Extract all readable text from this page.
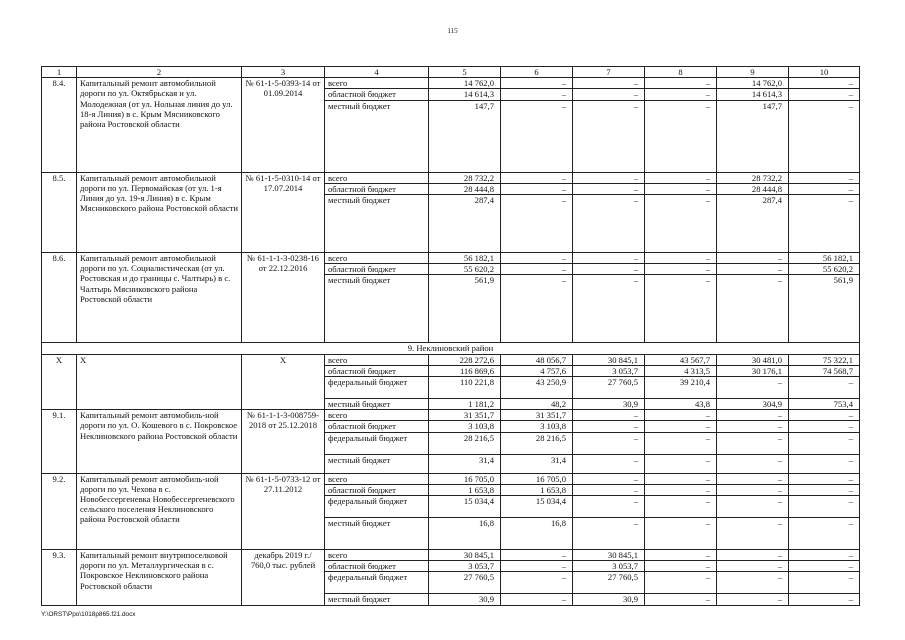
115
1	2	3	4	5	6	7	8	9	10
8.4.	Капитальный ремонт автомобильной дороги по ул. Октябрьская и ул. Молодежная (от ул. Нольная линия до ул. 18-я Линия) в с. Крым Мясниковского района Ростовской области	№ 61-1-5-0393-14 от 01.09.2014	всего	14 762,0	–	–	–	14 762,0	–
			областной бюджет	14 614,3	–	–	–	14 614,3	–
			местный бюджет	147,7	–	–	–	147,7	–
8.5.	Капитальный ремонт автомобильной дороги по ул. Первомайская (от ул. 1-я Линия до ул. 19-я Линия) в с. Крым Мясниковского района Ростовской области	№ 61-1-5-0310-14 от 17.07.2014	всего	28 732,2	–	–	–	28 732,2	–
			областной бюджет	28 444,8	–	–	–	28 444,8	–
			местный бюджет	287,4	–	–	–	287,4	–
8.6.	Капитальный ремонт автомобильной дороги по ул. Социалистическая (от ул. Ростовская и до границы с. Чалтырь) в с. Чалтырь Мясниковского района Ростовской области	№ 61-1-1-3-0238-16 от 22.12.2016	всего	56 182,1	–	–	–	–	56 182,1
			областной бюджет	55 620,2	–	–	–	–	55 620,2
			местный бюджет	561,9	–	–	–	–	561,9
9. Неклиновский район									
X	X	X	всего	228 272,6	48 056,7	30 845,1	43 567,7	30 481,0	75 322,1
			областной бюджет	116 869,6	4 757,6	3 053,7	4 313,5	30 176,1	74 568,7
			федеральный бюджет	110 221,8	43 250,9	27 760,5	39 210,4	–	–
			местный бюджет	1 181,2	48,2	30,9	43,8	304,9	753,4
9.1.	Капитальный ремонт автомобиль-ной дороги по ул. О. Кошевого в с. Покровское Неклиновского района Ростовской области	№ 61-1-1-3-008759-2018 от 25.12.2018	всего	31 351,7	31 351,7	–	–	–	–
			областной бюджет	3 103,8	3 103,8	–	–	–	–
			федеральный бюджет	28 216,5	28 216,5	–	–	–	–
			местный бюджет	31,4	31,4	–	–	–	–
9.2.	Капитальный ремонт автомобиль-ной дороги по ул. Чехова в с. Новобессергеневка Новобессергеневского сельского поселения Неклиновского района Ростовской области	№ 61-1-5-0733-12 от 27.11.2012	всего	16 705,0	16 705,0	–	–	–	–
			областной бюджет	1 653,8	1 653,8	–	–	–	–
			федеральный бюджет	15 034,4	15 034,4	–	–	–	–
			местный бюджет	16,8	16,8	–	–	–	–
9.3.	Капитальный ремонт внутрипоселковой дороги по ул. Металлургическая в с. Покровское Неклиновского района Ростовской области	декабрь 2019 г./ 760,0 тыс. рублей	всего	30 845,1	–	30 845,1	–	–	–
			областной бюджет	3 053,7	–	3 053,7	–	–	–
			федеральный бюджет	27 760,5	–	27 760,5	–	–	–
			местный бюджет	30,9	–	30,9	–	–	–
Y:\ORST\Ppo\1018p865.f21.docx
